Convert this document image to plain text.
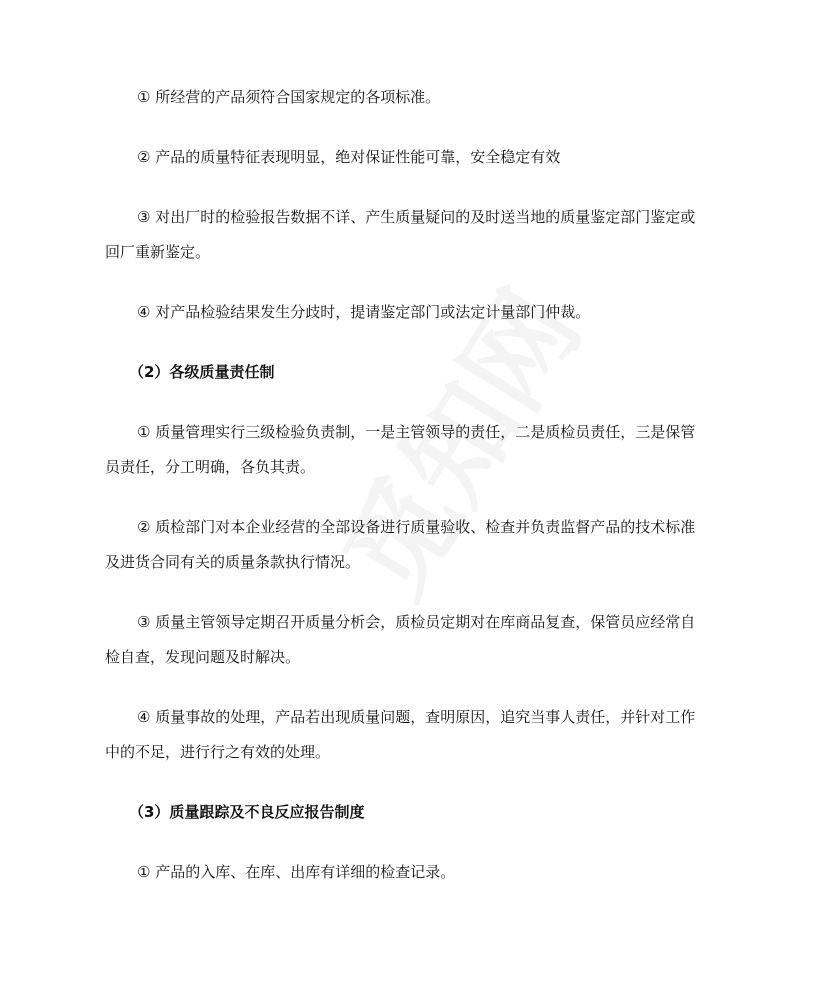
① 所经营的产品须符合国家规定的各项标准。

② 产品的质量特征表现明显，绝对保证性能可靠，安全稳定有效

③ 对出厂时的检验报告数据不详、产生质量疑问的及时送当地的质量鉴定部门鉴定或
回厂重新鉴定。

④ 对产品检验结果发生分歧时，提请鉴定部门或法定计量部门仲裁。

（2）各级质量责任制

① 质量管理实行三级检验负责制，一是主管领导的责任，二是质检员责任，三是保管
员责任，分工明确，各负其责。

② 质检部门对本企业经营的全部设备进行质量验收、检查并负责监督产品的技术标准
及进货合同有关的质量条款执行情况。

③ 质量主管领导定期召开质量分析会，质检员定期对在库商品复查，保管员应经常自
检自查，发现问题及时解决。

④ 质量事故的处理，产品若出现质量问题，查明原因，追究当事人责任，并针对工作
中的不足，进行行之有效的处理。

（3）质量跟踪及不良反应报告制度

① 产品的入库、在库、出库有详细的检查记录。
